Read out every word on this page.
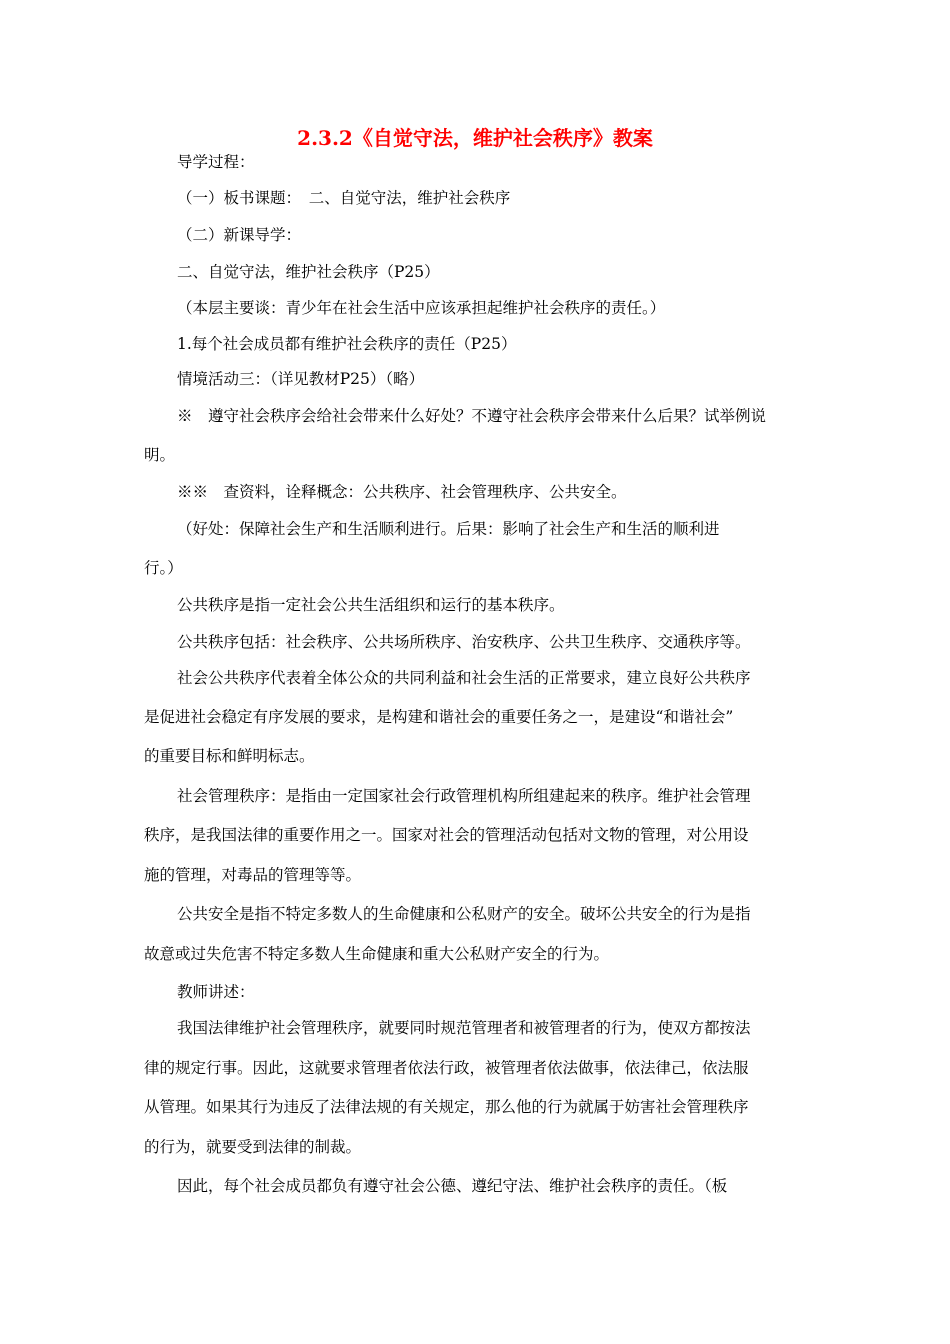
2.3.2《自觉守法，维护社会秩序》教案
导学过程：
（一）板书课题：　二、自觉守法，维护社会秩序
（二）新课导学：
二、自觉守法，维护社会秩序（P25）
（本层主要谈：青少年在社会生活中应该承担起维护社会秩序的责任。）
1.每个社会成员都有维护社会秩序的责任（P25）
情境活动三：（详见教材P25）（略）
※　遵守社会秩序会给社会带来什么好处？不遵守社会秩序会带来什么后果？试举例说
明。
※※　查资料，诠释概念：公共秩序、社会管理秩序、公共安全。
（好处：保障社会生产和生活顺利进行。后果：影响了社会生产和生活的顺利进
行。）
公共秩序是指一定社会公共生活组织和运行的基本秩序。
公共秩序包括：社会秩序、公共场所秩序、治安秩序、公共卫生秩序、交通秩序等。
社会公共秩序代表着全体公众的共同利益和社会生活的正常要求，建立良好公共秩序
是促进社会稳定有序发展的要求，是构建和谐社会的重要任务之一，是建设“和谐社会”
的重要目标和鲜明标志。
社会管理秩序：是指由一定国家社会行政管理机构所组建起来的秩序。维护社会管理
秩序，是我国法律的重要作用之一。国家对社会的管理活动包括对文物的管理，对公用设
施的管理，对毒品的管理等等。
公共安全是指不特定多数人的生命健康和公私财产的安全。破坏公共安全的行为是指
故意或过失危害不特定多数人生命健康和重大公私财产安全的行为。
教师讲述：
我国法律维护社会管理秩序，就要同时规范管理者和被管理者的行为，使双方都按法
律的规定行事。因此，这就要求管理者依法行政，被管理者依法做事，依法律己，依法服
从管理。如果其行为违反了法律法规的有关规定，那么他的行为就属于妨害社会管理秩序
的行为，就要受到法律的制裁。
因此，每个社会成员都负有遵守社会公德、遵纪守法、维护社会秩序的责任。（板
